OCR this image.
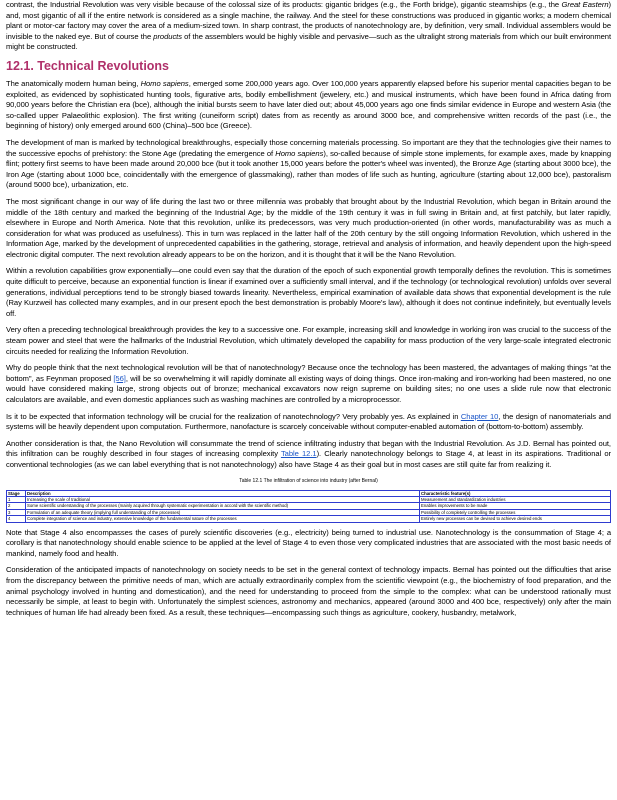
contrast, the Industrial Revolution was very visible because of the colossal size of its products: gigantic bridges (e.g., the Forth bridge), gigantic steamships (e.g., the Great Eastern) and, most gigantic of all if the entire network is considered as a single machine, the railway. And the steel for these constructions was produced in gigantic works; a modern chemical plant or motor-car factory may cover the area of a medium-sized town. In sharp contrast, the products of nanotechnology are, by definition, very small. Individual assemblers would be invisible to the naked eye. But of course the products of the assemblers would be highly visible and pervasive—such as the ultralight strong materials from which our built environment might be constructed.

12.1. Technical Revolutions

The anatomically modern human being, Homo sapiens, emerged some 200,000 years ago. Over 100,000 years apparently elapsed before his superior mental capacities began to be exploited, as evidenced by sophisticated hunting tools, figurative arts, bodily embellishment (jewelery, etc.) and musical instruments, which have been found in Africa dating from 90,000 years before the Christian era (bce), although the initial bursts seem to have later died out; about 45,000 years ago one finds similar evidence in Europe and western Asia (the so-called upper Palaeolithic explosion). The first writing (cuneiform script) dates from as recently as around 3000 bce, and comprehensive written records of the past (i.e., the beginning of history) only emerged around 600 (China)–500 bce (Greece).

The development of man is marked by technological breakthroughs, especially those concerning materials processing. So important are they that the technologies give their names to the successive epochs of prehistory: the Stone Age (predating the emergence of Homo sapiens), so-called because of simple stone implements, for example axes, made by knapping flint; pottery first seems to have been made around 20,000 bce (but it took another 15,000 years before the potter's wheel was invented), the Bronze Age (starting about 3000 bce), the Iron Age (starting about 1000 bce, coincidentally with the emergence of glassmaking), rather than modes of life such as hunting, agriculture (starting about 12,000 bce), pastoralism (around 5000 bce), urbanization, etc.

The most significant change in our way of life during the last two or three millennia was probably that brought about by the Industrial Revolution, which began in Britain around the middle of the 18th century and marked the beginning of the Industrial Age; by the middle of the 19th century it was in full swing in Britain and, at first patchily, but later rapidly, elsewhere in Europe and North America. Note that this revolution, unlike its predecessors, was very much production-oriented (in other words, manufacturability was as much a consideration for what was produced as usefulness). This in turn was replaced in the latter half of the 20th century by the still ongoing Information Revolution, which ushered in the Information Age, marked by the development of unprecedented capabilities in the gathering, storage, retrieval and analysis of information, and heavily dependent upon the high-speed electronic digital computer. The next revolution already appears to be on the horizon, and it is thought that it will be the Nano Revolution.

Within a revolution capabilities grow exponentially—one could even say that the duration of the epoch of such exponential growth temporally defines the revolution. This is sometimes quite difficult to perceive, because an exponential function is linear if examined over a sufficiently small interval, and if the technology (or technological revolution) unfolds over several generations, individual perceptions tend to be strongly biased towards linearity. Nevertheless, empirical examination of available data shows that exponential development is the rule (Ray Kurzweil has collected many examples, and in our present epoch the best demonstration is probably Moore's law), although it does not continue indefinitely, but eventually levels off.

Very often a preceding technological breakthrough provides the key to a successive one. For example, increasing skill and knowledge in working iron was crucial to the success of the steam power and steel that were the hallmarks of the Industrial Revolution, which ultimately developed the capability for mass production of the very large-scale integrated electronic circuits needed for realizing the Information Revolution.

Why do people think that the next technological revolution will be that of nanotechnology? Because once the technology has been mastered, the advantages of making things "at the bottom", as Feynman proposed [56], will be so overwhelming it will rapidly dominate all existing ways of doing things. Once iron-making and iron-working had been mastered, no one would have considered making large, strong objects out of bronze; mechanical excavators now reign supreme on building sites; no one uses a slide rule now that electronic calculators are available, and even domestic appliances such as washing machines are controlled by a microprocessor.

Is it to be expected that information technology will be crucial for the realization of nanotechnology? Very probably yes. As explained in Chapter 10, the design of nanomaterials and systems will be heavily dependent upon computation. Furthermore, nanofacture is scarcely conceivable without computer-enabled automation of (bottom-to-bottom) assembly.

Another consideration is that, the Nano Revolution will consummate the trend of science infiltrating industry that began with the Industrial Revolution. As J.D. Bernal has pointed out, this infiltration can be roughly described in four stages of increasing complexity Table 12.1). Clearly nanotechnology belongs to Stage 4, at least in its aspirations. Traditional or conventional technologies (as we can label everything that is not nanotechnology) also have Stage 4 as their goal but in most cases are still quite far from realizing it.

Table 12.1 The infiltration of science into industry (after Bernal)
Stage	Description	Characteristic feature(s)
1	Increasing the scale of traditional	Measurement and standardization industries
2	Some scientific understanding of the processes (mainly acquired through systematic experimentation in accord with the scientific method)	Enables improvements to be made
3	Formulation of an adequate theory (implying full understanding of the processes)	Possibility of completely controlling the processes
4	Complete integration of science and industry, extensive knowledge of the fundamental nature of the processes	Entirely new processes can be devised to achieve desired ends

Note that Stage 4 also encompasses the cases of purely scientific discoveries (e.g., electricity) being turned to industrial use. Nanotechnology is the consummation of Stage 4; a corollary is that nanotechnology should enable science to be applied at the level of Stage 4 to even those very complicated industries that are associated with the most basic needs of mankind, namely food and health.

Consideration of the anticipated impacts of nanotechnology on society needs to be set in the general context of technology impacts. Bernal has pointed out the difficulties that arise from the discrepancy between the primitive needs of man, which are actually extraordinarily complex from the scientific viewpoint (e.g., the biochemistry of food preparation, and the animal psychology involved in hunting and domestication), and the need for understanding to proceed from the simple to the complex: what can be understood rationally must necessarily be simple, at least to begin with. Unfortunately the simplest sciences, astronomy and mechanics, appeared (around 3000 and 400 bce, respectively) only after the main techniques of human life had already been fixed. As a result, these techniques—encompassing such things as agriculture, cookery, husbandry, metalwork,
